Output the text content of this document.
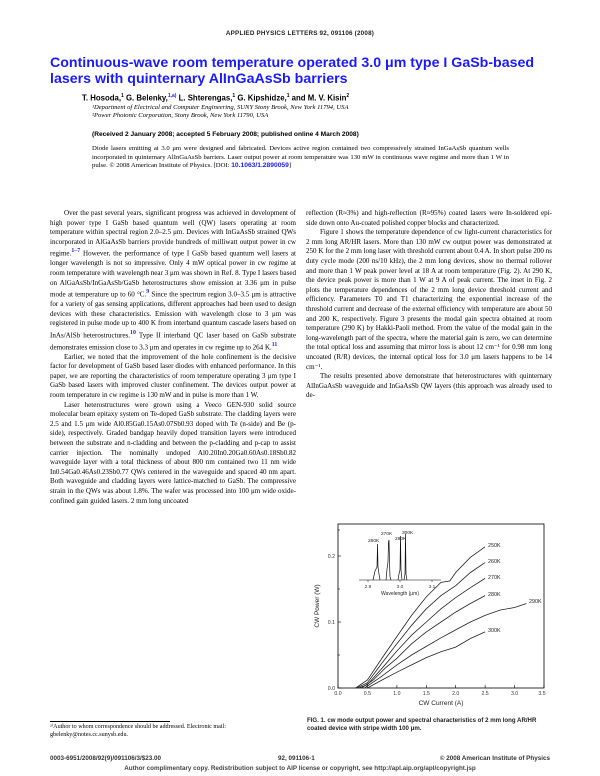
APPLIED PHYSICS LETTERS 92, 091106 (2008)
Continuous-wave room temperature operated 3.0 μm type I GaSb-based lasers with quinternary AlInGaAsSb barriers
T. Hosoda,$^1$ G. Belenky,$^{1,a)}$ L. Shterengas,$^1$ G. Kipshidze,$^1$ and M. V. Kisin$^2$
¹Department of Electrical and Computer Engineering, SUNY Stony Brook, New York 11794, USA
²Power Photonic Corporation, Stony Brook, New York 11790, USA
(Received 2 January 2008; accepted 5 February 2008; published online 4 March 2008)
Diode lasers emitting at 3.0 μm were designed and fabricated. Devices active region contained two compressively strained InGaAsSb quantum wells incorporated in quinternary AlInGaAsSb barriers. Laser output power at room temperature was 130 mW in continuous wave regime and more than 1 W in pulse. © 2008 American Institute of Physics. [DOI: 10.1063/1.2890059]

Over the past several years, significant progress was achieved in development of high power type I GaSb based quantum well (QW) lasers operating at room temperature within spectral region 2.0–2.5 μm. Devices with InGaAsSb strained QWs incorporated in AlGaAsSb barriers provide hundreds of milliwatt output power in cw regime.$^{1-7}$ However, the performance of type I GaSb based quantum well lasers at longer wavelength is not so impressive. Only 4 mW optical power in cw regime at room temperature with wavelength near 3 μm was shown in Ref. 8. Type I lasers based on AlGaAsSb/InGaAsSb/GaSb heterostructures show emission at 3.36 μm in pulse mode at temperature up to 60 °C.$^9$ Since the spectrum region 3.0–3.5 μm is attractive for a variety of gas sensing applications, different approaches had been used to design devices with these characteristics. Emission with wavelength close to 3 μm was registered in pulse mode up to 400 K from interband quantum cascade lasers based on InAs/AlSb heterostructures.$^{10}$ Type II interband QC laser based on GaSb substrate demonstrates emission close to 3.3 μm and operates in cw regime up to 264 K.$^{11}$

Earlier, we noted that the improvement of the hole confinement is the decisive factor for development of GaSb based laser diodes with enhanced performance. In this paper, we are reporting the characteristics of room temperature operating 3 μm type I GaSb based lasers with improved cluster confinement. The devices output power at room temperature in cw regime is 130 mW and in pulse is more than 1 W.

Laser heterostructures were grown using a Veeco GEN-930 solid source molecular beam epitaxy system on Te-doped GaSb substrate. The cladding layers were 2.5 and 1.5 μm wide Al0.85Ga0.15As0.07Sb0.93 doped with Te (n-side) and Be (p-side), respectively. Graded bandgap heavily doped transition layers were introduced between the substrate and n-cladding and between the p-cladding and p-cap to assist carrier injection. The nominally undoped Al0.20In0.20Ga0.60As0.18Sb0.82 waveguide layer with a total thickness of about 800 nm contained two 11 nm wide In0.54Ga0.46As0.23Sb0.77 QWs centered in the waveguide and spaced 40 nm apart. Both waveguide and cladding layers were lattice-matched to GaSb. The compressive strain in the QWs was about 1.8%. The wafer was processed into 100 μm wide oxide-confined gain guided lasers. 2 mm long uncoated

reflection (R≈3%) and high-reflection (R≈95%) coated lasers were In-soldered epi-side down onto Au-coated polished copper blocks and characterized.

Figure 1 shows the temperature dependence of cw light-current characteristics for 2 mm long AR/HR lasers. More than 130 mW cw output power was demonstrated at 250 K for the 2 mm long laser with threshold current about 0.4 A. In short pulse 200 ns duty cycle mode (200 ns/10 kHz), the 2 mm long devices, show no thermal rollover and more than 1 W peak power level at 18 A at room temperature (Fig. 2). At 290 K, the device peak power is more than 1 W at 9 A of peak current. The inset in Fig. 2 plots the temperature dependences of the 2 mm long device threshold current and efficiency. Parameters T0 and T1 characterizing the exponential increase of the threshold current and decrease of the external efficiency with temperature are about 50 and 200 K, respectively. Figure 3 presents the modal gain spectra obtained at room temperature (290 K) by Hakki-Paoli method. From the value of the modal gain in the long-wavelength part of the spectra, where the material gain is zero, we can determine the total optical loss and assuming that mirror loss is about 12 cm⁻¹ for 0.98 mm long uncoated (R/R) devices, the internal optical loss for 3.0 μm lasers happens to be 14 cm⁻¹.

The results presented above demonstrate that heterostructures with quinternary AlInGaAsSb waveguide and InGaAsSb QW layers (this approach was already used to de-

ᵃ⁾Author to whom correspondence should be addressed. Electronic mail: gbelenky@notes.cc.sunysb.edu.
0.0	0.5	1.0	1.5	2.0	2.5	3.0	3.5
0.0
0.1
0.2
CW Current (A)
CW Power (W)
250K
260K
270K
280K
290K
300K
2.9	3.0	3.1
Wavelength (μm)
260K
270K
290K
300K
FIG. 1. cw mode output power and spectral characteristics of 2 mm long AR/HR coated device with stripe width 100 μm.
0003-6951/2008/92(9)/091106/3/$23.00	92, 091106-1	© 2008 American Institute of Physics
Author complimentary copy. Redistribution subject to AIP license or copyright, see http://apl.aip.org/apl/copyright.jsp
